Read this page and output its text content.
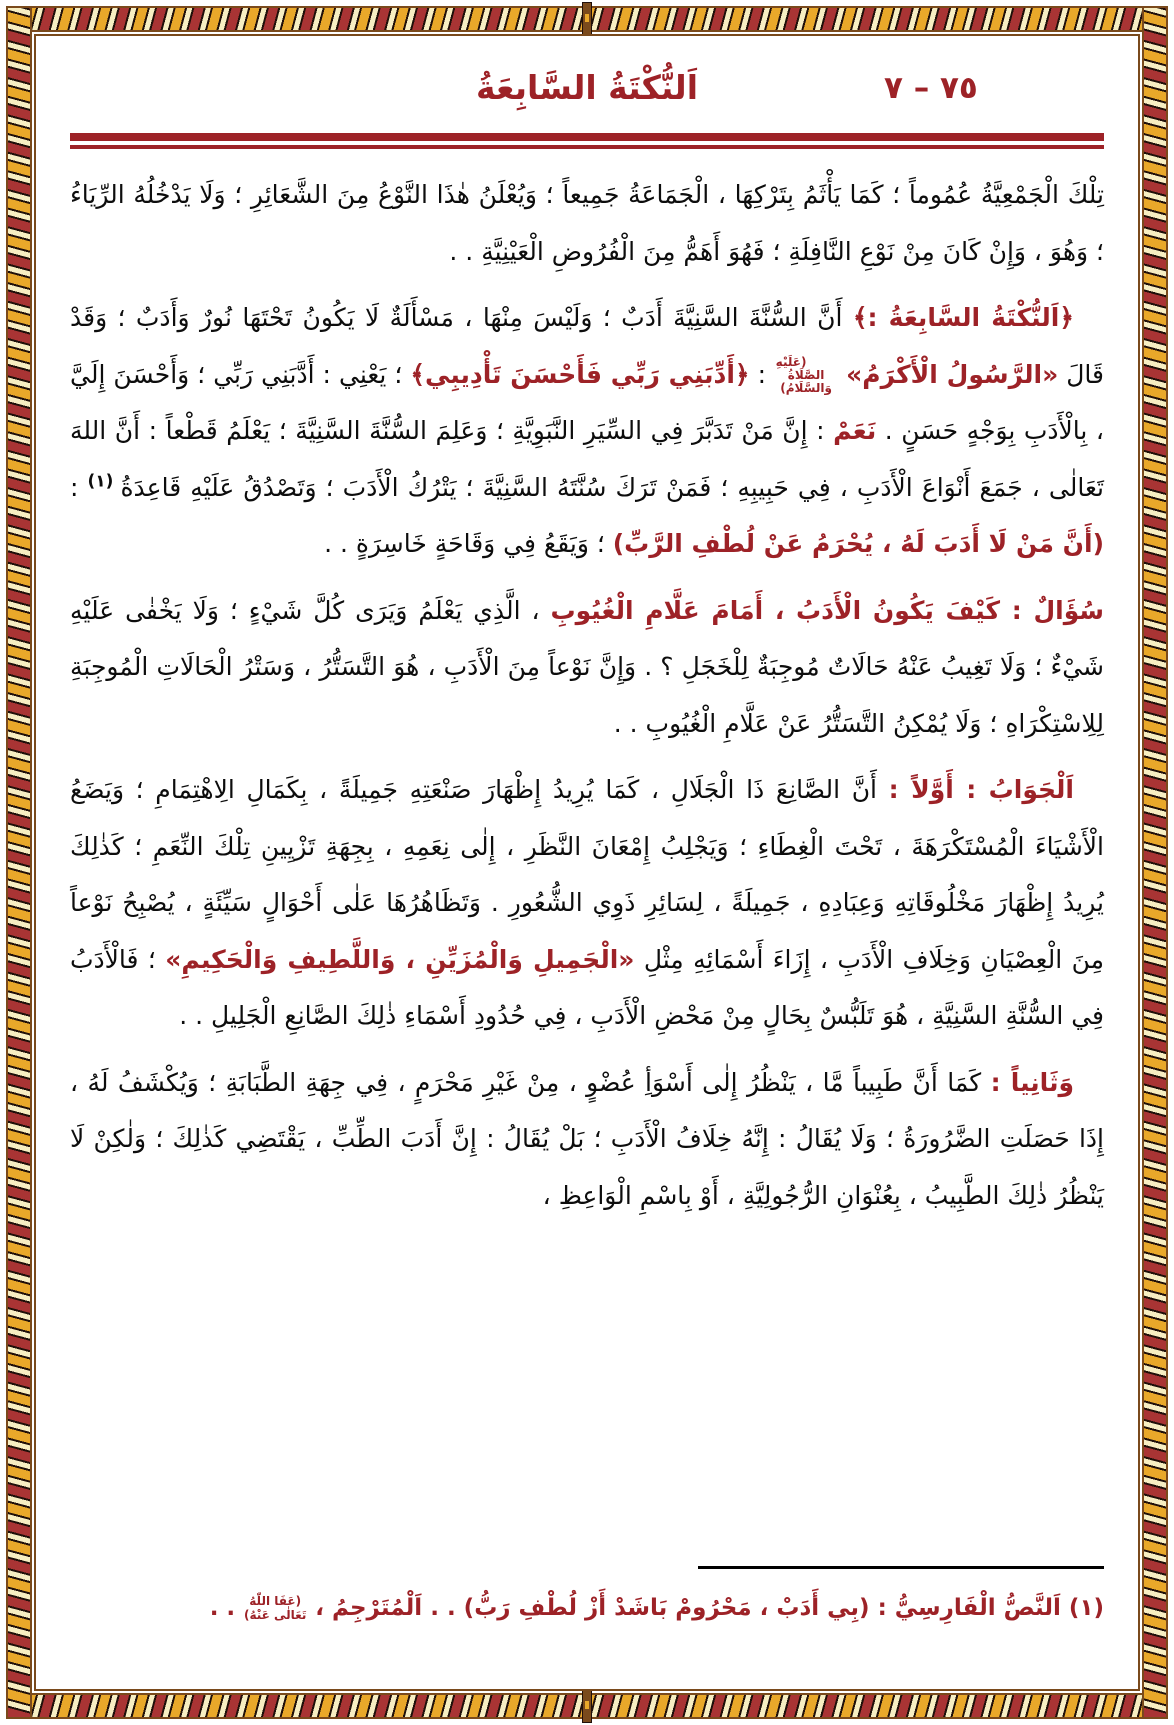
٧٥ – ٧
اَلنُّكْتَةُ السَّابِعَةُ

تِلْكَ الْجَمْعِيَّةُ عُمُوماً ؛ كَمَا يَأْثَمُ بِتَرْكِهَا ، الْجَمَاعَةُ جَمِيعاً ؛ وَيُعْلَنُ هٰذَا النَّوْعُ مِنَ الشَّعَائِرِ ؛ وَلَا يَدْخُلُهُ الرِّيَاءُ ؛ وَهُوَ ، وَإِنْ كَانَ مِنْ نَوْعِ النَّافِلَةِ ؛ فَهُوَ أَهَمُّ مِنَ الْفُرُوضِ الْعَيْنِيَّةِ . .

﴿اَلنُّكْتَةُ السَّابِعَةُ :﴾ أَنَّ السُّنَّةَ السَّنِيَّةَ أَدَبٌ ؛ وَلَيْسَ مِنْهَا ، مَسْأَلَةٌ لَا يَكُونُ تَحْتَهَا نُورٌ وَأَدَبٌ ؛ وَقَدْ قَالَ «الرَّسُولُ الْأَكْرَمُ» (عَلَيْهِ الصَّلَاةُ وَالسَّلَامُ) : ﴿أَدِّبَنِي رَبِّي فَأَحْسَنَ تَأْدِيبِي﴾ ؛ يَعْنِي : أَدَّبَنِي رَبِّي ؛ وَأَحْسَنَ إِلَيَّ ، بِالْأَدَبِ بِوَجْهٍ حَسَنٍ . نَعَمْ : إِنَّ مَنْ تَدَبَّرَ فِي السِّيَرِ النَّبَوِيَّةِ ؛ وَعَلِمَ السُّنَّةَ السَّنِيَّةَ ؛ يَعْلَمُ قَطْعاً : أَنَّ اللهَ تَعَالٰى ، جَمَعَ أَنْوَاعَ الْأَدَبِ ، فِي حَبِيبِهِ ؛ فَمَنْ تَرَكَ سُنَّتَهُ السَّنِيَّةَ ؛ يَتْرُكُ الْأَدَبَ ؛ وَتَصْدُقُ عَلَيْهِ قَاعِدَةُ $^{(١)}$ : (أَنَّ مَنْ لَا أَدَبَ لَهُ ، يُحْرَمُ عَنْ لُطْفِ الرَّبِّ) ؛ وَيَقَعُ فِي وَقَاحَةٍ خَاسِرَةٍ . .

سُؤَالٌ : كَيْفَ يَكُونُ الْأَدَبُ ، أَمَامَ عَلَّامِ الْغُيُوبِ ، الَّذِي يَعْلَمُ وَيَرَى كُلَّ شَيْءٍ ؛ وَلَا يَخْفٰى عَلَيْهِ شَيْءٌ ؛ وَلَا تَغِيبُ عَنْهُ حَالَاتٌ مُوجِبَةٌ لِلْخَجَلِ ؟ . وَإِنَّ نَوْعاً مِنَ الْأَدَبِ ، هُوَ التَّسَتُّرُ ، وَسَتْرُ الْحَالَاتِ الْمُوجِبَةِ لِلِاسْتِكْرَاهِ ؛ وَلَا يُمْكِنُ التَّسَتُّرُ عَنْ عَلَّامِ الْغُيُوبِ . .

اَلْجَوَابُ : أَوَّلاً : أَنَّ الصَّانِعَ ذَا الْجَلَالِ ، كَمَا يُرِيدُ إِظْهَارَ صَنْعَتِهِ جَمِيلَةً ، بِكَمَالِ الِاهْتِمَامِ ؛ وَيَضَعُ الْأَشْيَاءَ الْمُسْتَكْرَهَةَ ، تَحْتَ الْغِطَاءِ ؛ وَيَجْلِبُ إِمْعَانَ النَّظَرِ ، إِلٰى نِعَمِهِ ، بِجِهَةِ تَزْيِينِ تِلْكَ النِّعَمِ ؛ كَذٰلِكَ يُرِيدُ إِظْهَارَ مَخْلُوقَاتِهِ وَعِبَادِهِ ، جَمِيلَةً ، لِسَائِرِ ذَوِي الشُّعُورِ . وَتَظَاهُرُهَا عَلٰى أَحْوَالٍ سَيِّئَةٍ ، يُصْبِحُ نَوْعاً مِنَ الْعِصْيَانِ وَخِلَافِ الْأَدَبِ ، إِزَاءَ أَسْمَائِهِ مِثْلِ «الْجَمِيلِ وَالْمُزَيِّنِ ، وَاللَّطِيفِ وَالْحَكِيمِ» ؛ فَالْأَدَبُ فِي السُّنَّةِ السَّنِيَّةِ ، هُوَ تَلَبُّسٌ بِحَالٍ مِنْ مَحْضِ الْأَدَبِ ، فِي حُدُودِ أَسْمَاءِ ذٰلِكَ الصَّانِعِ الْجَلِيلِ . .

وَثَانِياً : كَمَا أَنَّ طَبِيباً مَّا ، يَنْظُرُ إِلٰى أَسْوَأِ عُضْوٍ ، مِنْ غَيْرِ مَحْرَمٍ ، فِي جِهَةِ الطَّبَابَةِ ؛ وَيُكْشَفُ لَهُ ، إِذَا حَصَلَتِ الضَّرُورَةُ ؛ وَلَا يُقَالُ : إِنَّهُ خِلَافُ الْأَدَبِ ؛ بَلْ يُقَالُ : إِنَّ أَدَبَ الطِّبِّ ، يَقْتَضِي كَذٰلِكَ ؛ وَلٰكِنْ لَا يَنْظُرُ ذٰلِكَ الطَّبِيبُ ، بِعُنْوَانِ الرُّجُولِيَّةِ ، أَوْ بِاسْمِ الْوَاعِظِ ،

(١) اَلنَّصُّ الْفَارِسِيُّ : (بِي أَدَبْ ، مَحْرُومْ بَاشَدْ أَزْ لُطْفِ رَبُّ) . . اَلْمُتَرْجِمُ ، (عَفَا اللّٰهُ تَعَالٰى عَنْهُ) . .
